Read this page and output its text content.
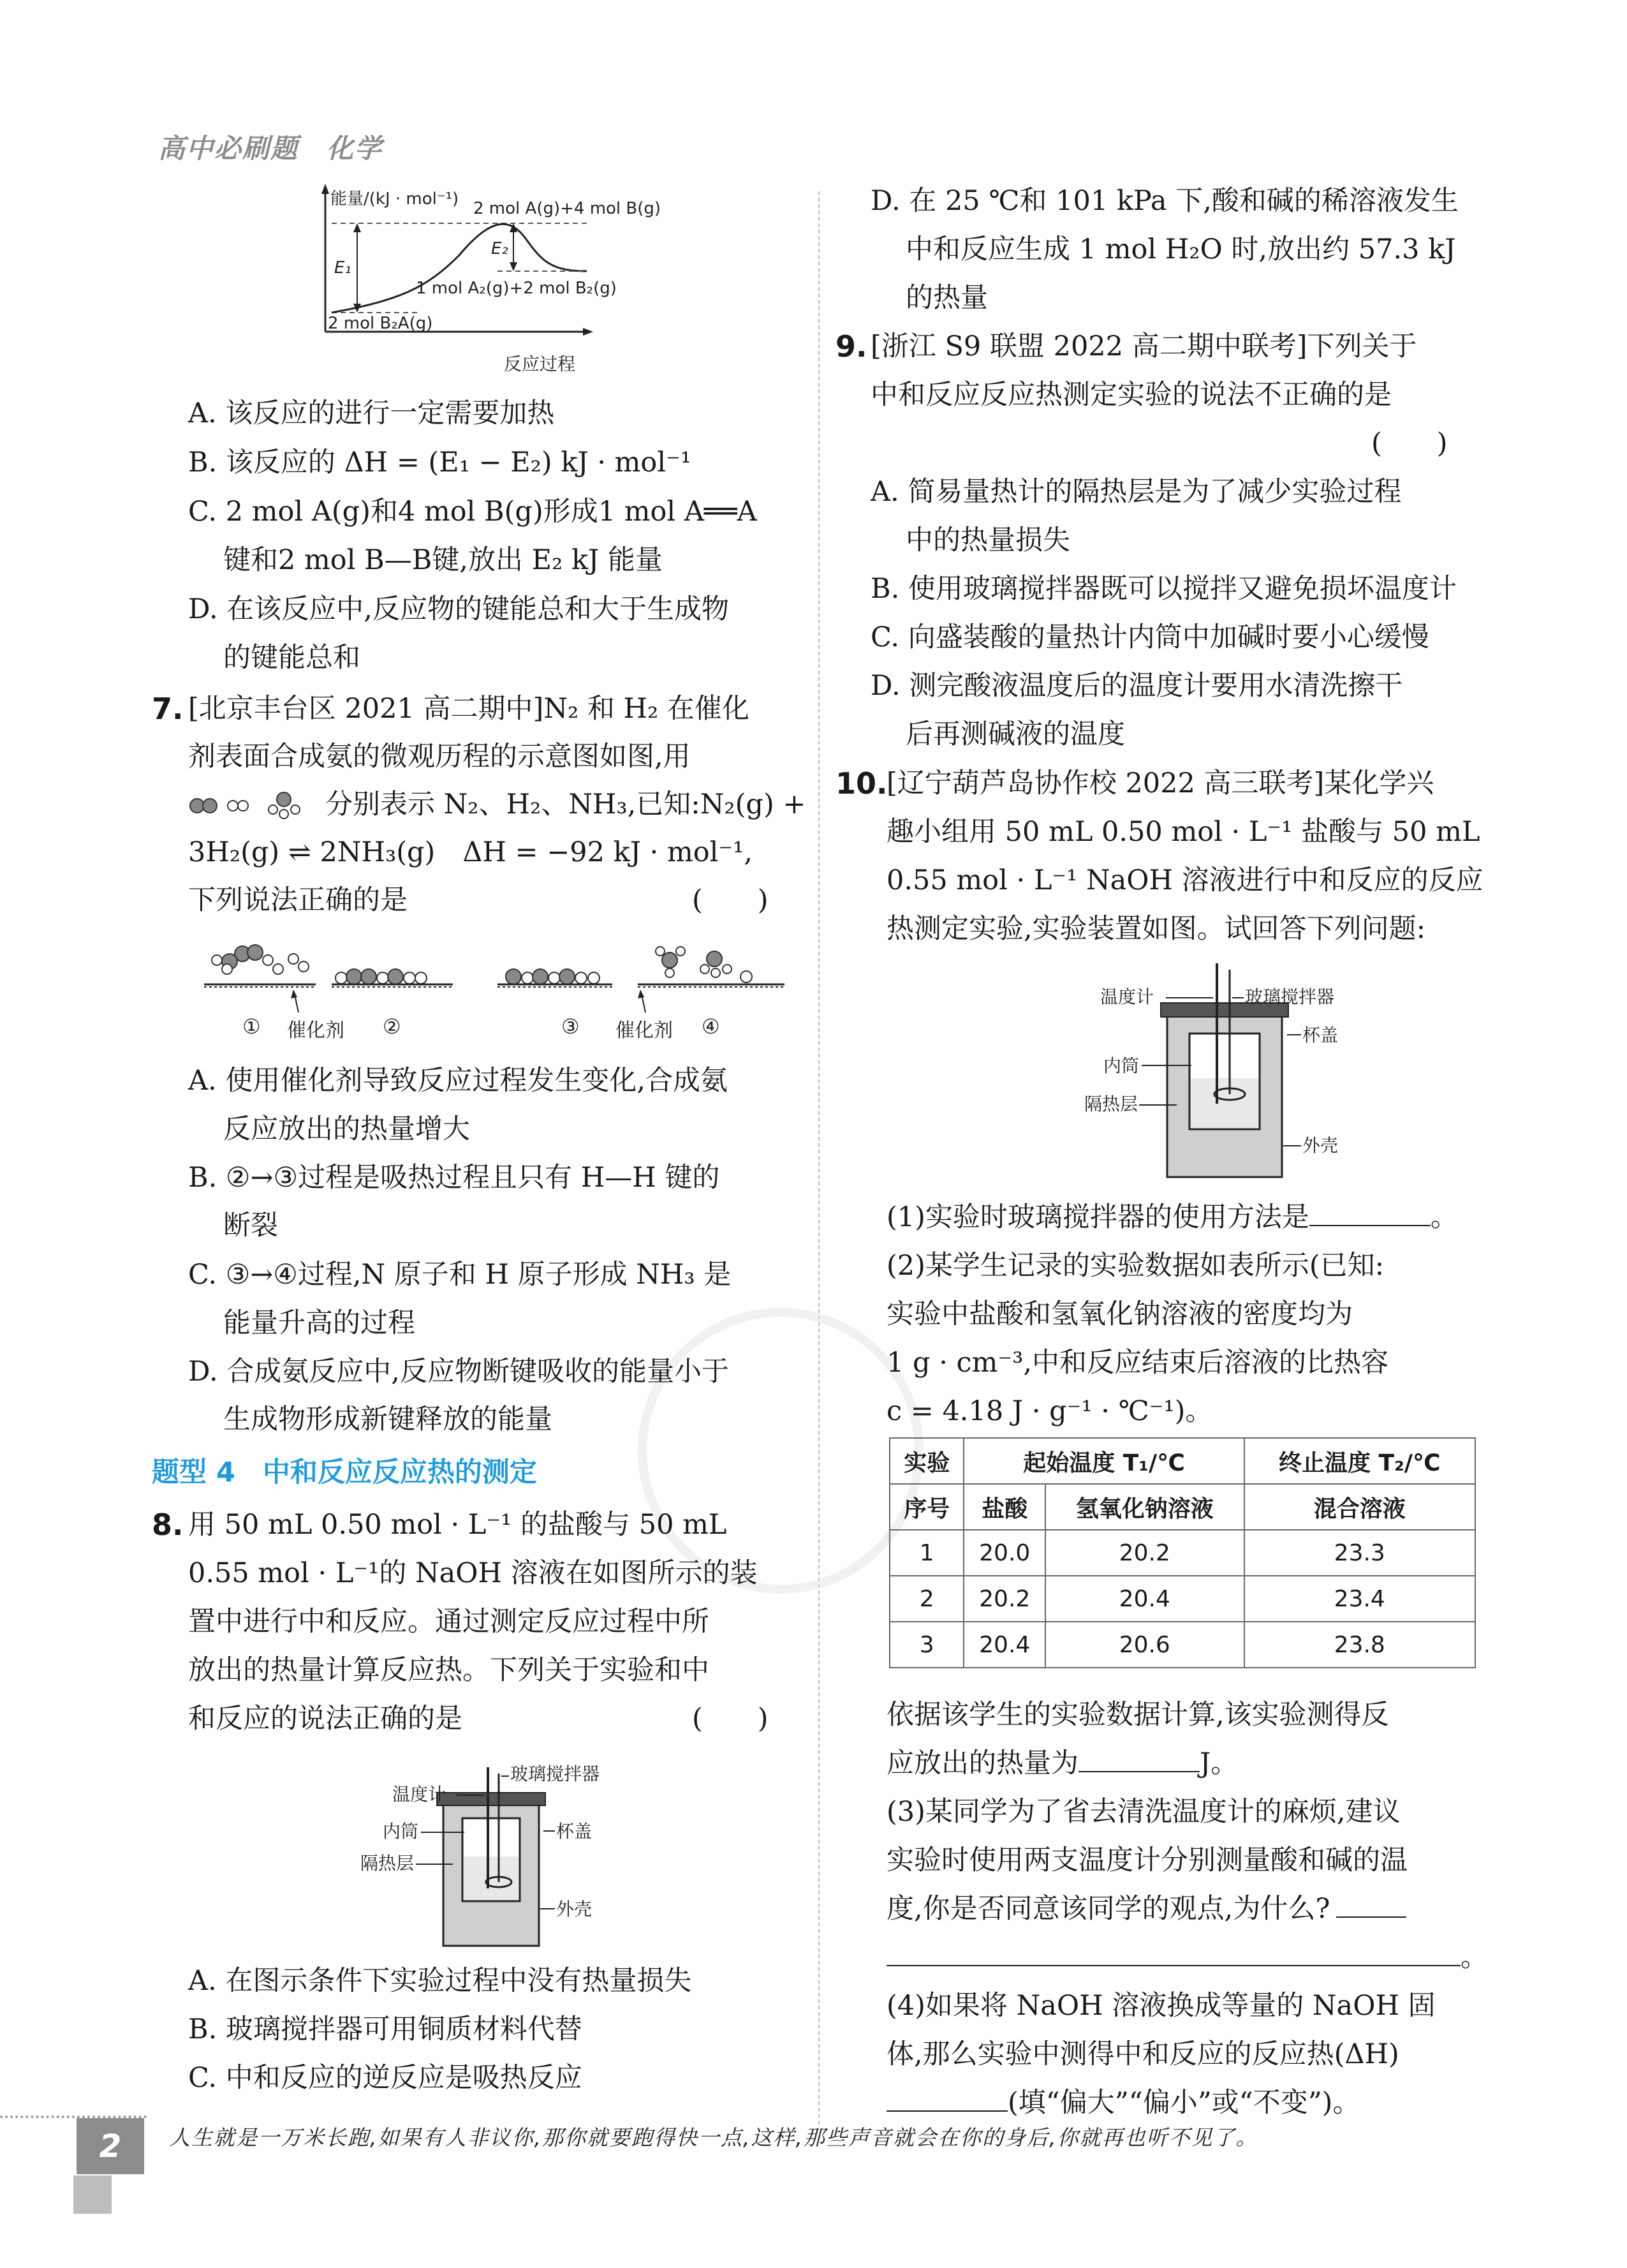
高中必刷题　化学
能量/(kJ · mol⁻¹) 2 mol A(g)+4 mol B(g)
E₁
E₂
1 mol A₂(g)+2 mol B₂(g)
2 mol B₂A(g)
反应过程
A. 该反应的进行一定需要加热
B. 该反应的 ΔH = (E₁ − E₂) kJ · mol⁻¹
C. 2 mol A(g)和4 mol B(g)形成1 mol A══A
键和2 mol B—B键,放出 E₂ kJ 能量
D. 在该反应中,反应物的键能总和大于生成物
的键能总和
7. [北京丰台区 2021 高二期中]N₂ 和 H₂ 在催化
剂表面合成氨的微观历程的示意图如图,用
分别表示 N₂、H₂、NH₃,已知:N₂(g) +
3H₂(g) ⇌ 2NH₃(g)　ΔH = −92 kJ · mol⁻¹,
下列说法正确的是	(　　)
① 催化剂 ②	③ 催化剂 ④
A. 使用催化剂导致反应过程发生变化,合成氨
反应放出的热量增大
B. ②→③过程是吸热过程且只有 H—H 键的
断裂
C. ③→④过程,N 原子和 H 原子形成 NH₃ 是
能量升高的过程
D. 合成氨反应中,反应物断键吸收的能量小于
生成物形成新键释放的能量
题型 4　中和反应反应热的测定
8. 用 50 mL 0.50 mol · L⁻¹ 的盐酸与 50 mL
0.55 mol · L⁻¹的 NaOH 溶液在如图所示的装
置中进行中和反应。通过测定反应过程中所
放出的热量计算反应热。下列关于实验和中
和反应的说法正确的是	(　　)
温度计
玻璃搅拌器
内筒	杯盖
隔热层
外壳
A. 在图示条件下实验过程中没有热量损失
B. 玻璃搅拌器可用铜质材料代替
C. 中和反应的逆反应是吸热反应
D. 在 25 ℃和 101 kPa 下,酸和碱的稀溶液发生
中和反应生成 1 mol H₂O 时,放出约 57.3 kJ
的热量
9. [浙江 S9 联盟 2022 高二期中联考]下列关于
中和反应反应热测定实验的说法不正确的是
(　　)
A. 简易量热计的隔热层是为了减少实验过程
中的热量损失
B. 使用玻璃搅拌器既可以搅拌又避免损坏温度计
C. 向盛装酸的量热计内筒中加碱时要小心缓慢
D. 测完酸液温度后的温度计要用水清洗擦干
后再测碱液的温度
10.
[辽宁葫芦岛协作校 2022 高三联考]某化学兴
趣小组用 50 mL 0.50 mol · L⁻¹ 盐酸与 50 mL
0.55 mol · L⁻¹ NaOH 溶液进行中和反应的反应
热测定实验,实验装置如图。试回答下列问题:
温度计	玻璃搅拌器
杯盖
内筒
隔热层
外壳
(1)实验时玻璃搅拌器的使用方法是	。
(2)某学生记录的实验数据如表所示(已知:
实验中盐酸和氢氧化钠溶液的密度均为
1 g · cm⁻³,中和反应结束后溶液的比热容
c = 4.18 J · g⁻¹ · ℃⁻¹)。
实验	起始温度 T₁/℃		终止温度 T₂/℃
序号	盐酸	氢氧化钠溶液	混合溶液
1	20.0	20.2	23.3
2	20.2	20.4	23.4
3	20.4	20.6	23.8
依据该学生的实验数据计算,该实验测得反
应放出的热量为	J。
(3)某同学为了省去清洗温度计的麻烦,建议
实验时使用两支温度计分别测量酸和碱的温
度,你是否同意该同学的观点,为什么?
。
(4)如果将 NaOH 溶液换成等量的 NaOH 固
体,那么实验中测得中和反应的反应热(ΔH)
(填“偏大”“偏小”或“不变”)。
2	人生就是一万米长跑,如果有人非议你,那你就要跑得快一点,这样,那些声音就会在你的身后,你就再也听不见了。
